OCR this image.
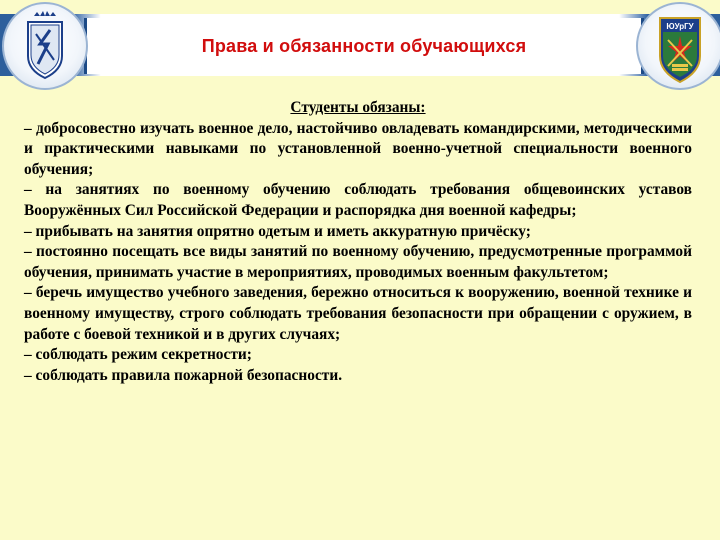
Права и обязанности обучающихся
ЮУрГУ

Студенты обязаны:

– добросовестно изучать военное дело, настойчиво овладевать командирскими, методическими и практическими навыками по установленной военно-учетной специальности военного обучения;

– на занятиях по военному обучению соблюдать требования общевоинских уставов Вооружённых Сил Российской Федерации и распорядка дня военной кафедры;

– прибывать на занятия опрятно одетым и иметь аккуратную причёску;

– постоянно посещать все виды занятий по военному обучению, предусмотренные программой обучения, принимать участие в мероприятиях, проводимых военным факультетом;

– беречь имущество учебного заведения, бережно относиться к вооружению, военной технике и военному имуществу, строго соблюдать требования безопасности при обращении с оружием, в работе с боевой техникой и в других случаях;

– соблюдать режим секретности;

– соблюдать правила пожарной безопасности.
